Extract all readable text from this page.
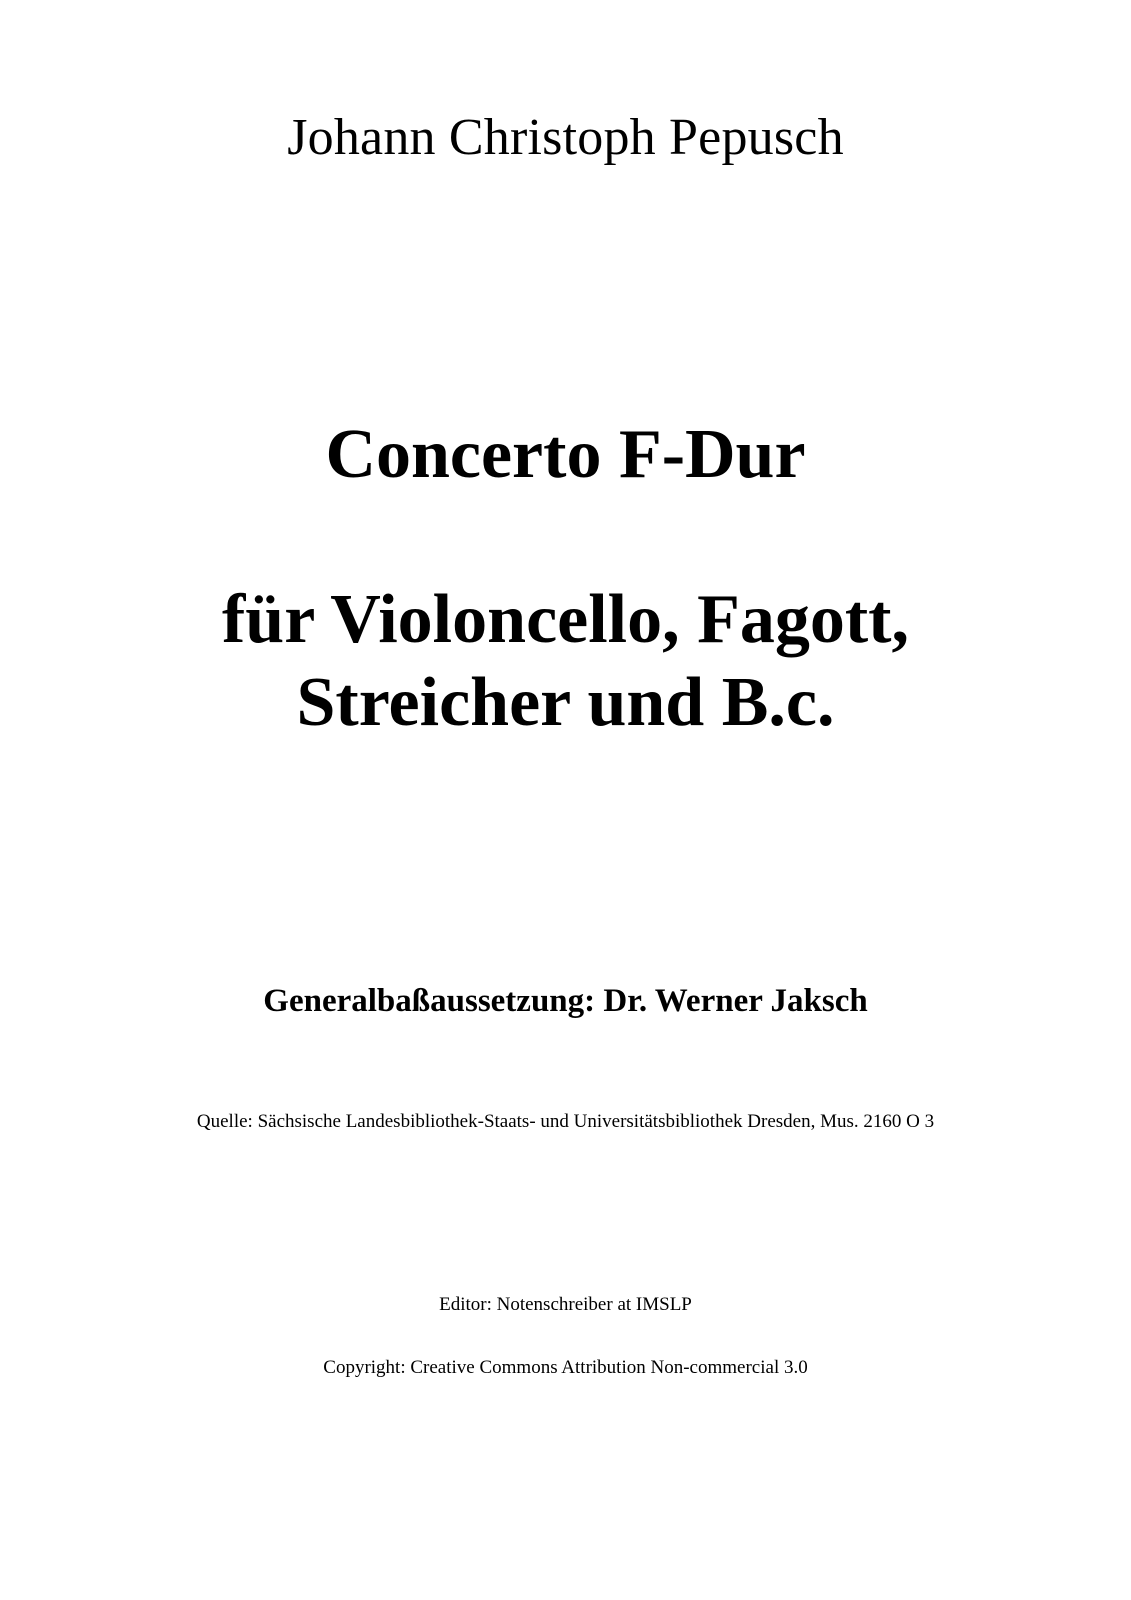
Johann Christoph Pepusch
Concerto F-Dur
für Violoncello, Fagott,
Streicher und B.c.

Generalbaßaussetzung: Dr. Werner Jaksch

Quelle: Sächsische Landesbibliothek-Staats- und Universitätsbibliothek Dresden, Mus. 2160 O 3

Editor: Notenschreiber at IMSLP

Copyright: Creative Commons Attribution Non-commercial 3.0
